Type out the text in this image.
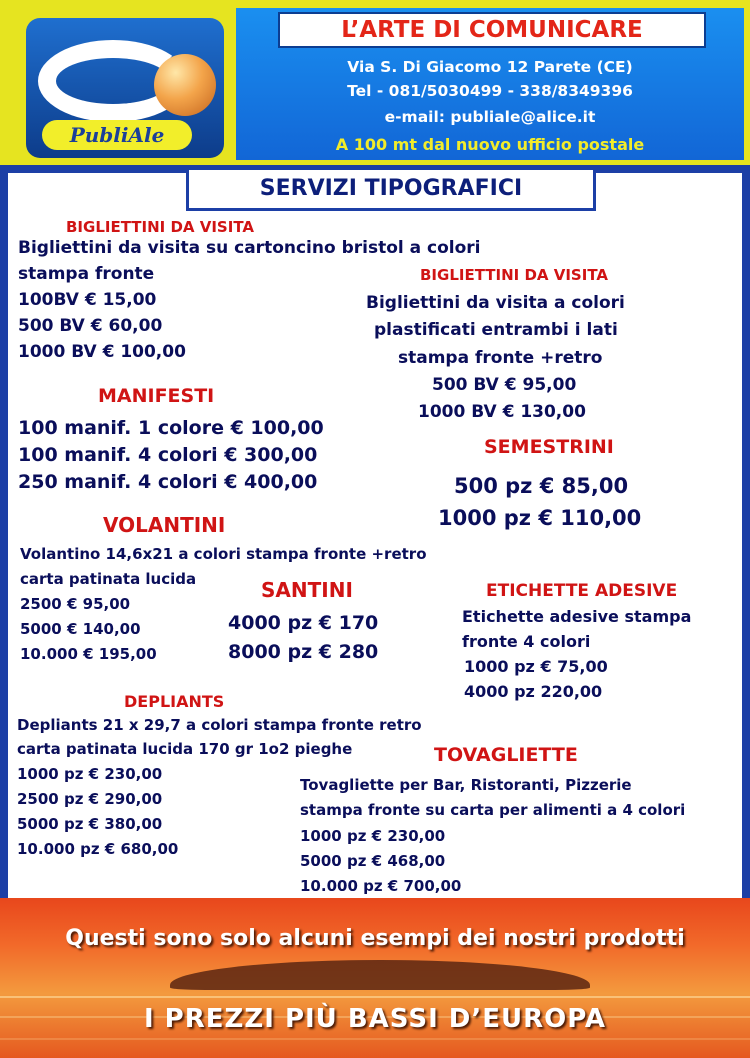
PubliAle
L’ARTE DI COMUNICARE
Via S. Di Giacomo 12 Parete (CE)
Tel - 081/5030499 - 338/8349396
e-mail: publiale@alice.it
A 100 mt dal nuovo ufficio postale
SERVIZI TIPOGRAFICI
BIGLIETTINI DA VISITA
Bigliettini da visita su cartoncino bristol a colori
stampa fronte
100BV € 15,00
500 BV € 60,00
1000 BV € 100,00
BIGLIETTINI DA VISITA
Bigliettini da visita a colori
plastificati entrambi i lati
stampa fronte +retro
500 BV € 95,00
1000 BV € 130,00
MANIFESTI
100 manif. 1 colore € 100,00
100 manif. 4 colori € 300,00
250 manif. 4 colori € 400,00
SEMESTRINI
500 pz € 85,00
1000 pz € 110,00
VOLANTINI
Volantino 14,6x21 a colori stampa fronte +retro
carta patinata lucida
2500 € 95,00
5000 € 140,00
10.000 € 195,00
SANTINI
4000 pz € 170
8000 pz € 280
ETICHETTE ADESIVE
Etichette adesive stampa
fronte 4 colori
1000 pz € 75,00
4000 pz 220,00
DEPLIANTS
Depliants 21 x 29,7 a colori stampa fronte retro
carta patinata lucida 170 gr 1o2 pieghe
1000 pz € 230,00
2500 pz € 290,00
5000 pz € 380,00
10.000 pz € 680,00
TOVAGLIETTE
Tovagliette per Bar, Ristoranti, Pizzerie
stampa fronte su carta per alimenti a 4 colori
1000 pz € 230,00
5000 pz € 468,00
10.000 pz € 700,00
Questi sono solo alcuni esempi dei nostri prodotti
I PREZZI PIÙ BASSI D’EUROPA
